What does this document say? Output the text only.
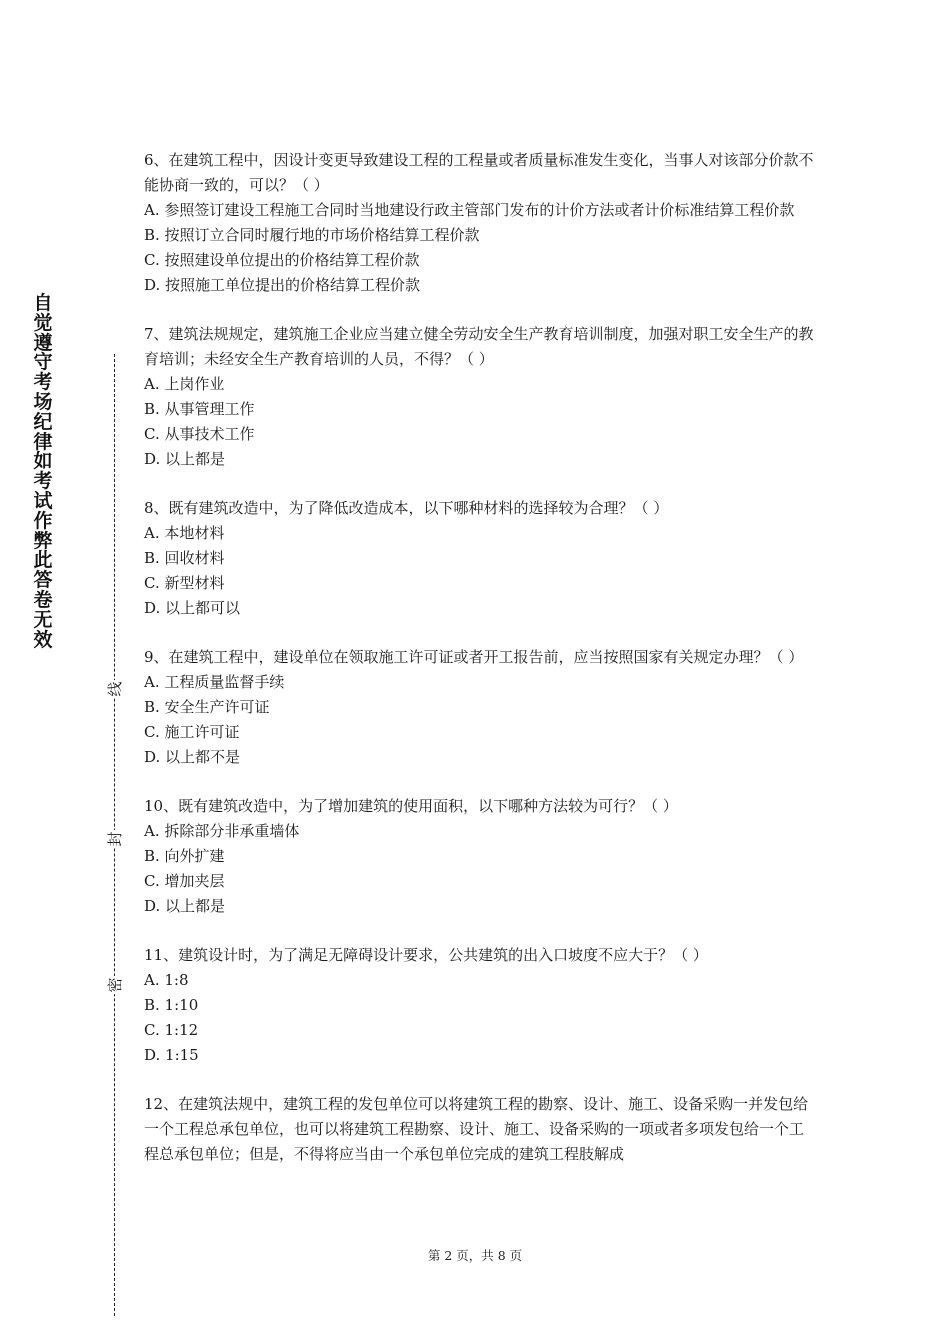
自觉遵守考场纪律如考试作弊此答卷无效
线
封
密

6、在建筑工程中，因设计变更导致建设工程的工程量或者质量标准发生变化，当事人对该部分价款不能协商一致的，可以？（ ）

A. 参照签订建设工程施工合同时当地建设行政主管部门发布的计价方法或者计价标准结算工程价款

B. 按照订立合同时履行地的市场价格结算工程价款

C. 按照建设单位提出的价格结算工程价款

D. 按照施工单位提出的价格结算工程价款

7、建筑法规规定，建筑施工企业应当建立健全劳动安全生产教育培训制度，加强对职工安全生产的教育培训；未经安全生产教育培训的人员，不得？（ ）

A. 上岗作业

B. 从事管理工作

C. 从事技术工作

D. 以上都是

8、既有建筑改造中，为了降低改造成本，以下哪种材料的选择较为合理？（ ）

A. 本地材料

B. 回收材料

C. 新型材料

D. 以上都可以

9、在建筑工程中，建设单位在领取施工许可证或者开工报告前，应当按照国家有关规定办理？（ ）

A. 工程质量监督手续

B. 安全生产许可证

C. 施工许可证

D. 以上都不是

10、既有建筑改造中，为了增加建筑的使用面积，以下哪种方法较为可行？（ ）

A. 拆除部分非承重墙体

B. 向外扩建

C. 增加夹层

D. 以上都是

11、建筑设计时，为了满足无障碍设计要求，公共建筑的出入口坡度不应大于？（ ）

A. 1:8

B. 1:10

C. 1:12

D. 1:15

12、在建筑法规中，建筑工程的发包单位可以将建筑工程的勘察、设计、施工、设备采购一并发包给一个工程总承包单位，也可以将建筑工程勘察、设计、施工、设备采购的一项或者多项发包给一个工程总承包单位；但是，不得将应当由一个承包单位完成的建筑工程肢解成

第 2 页，共 8 页
